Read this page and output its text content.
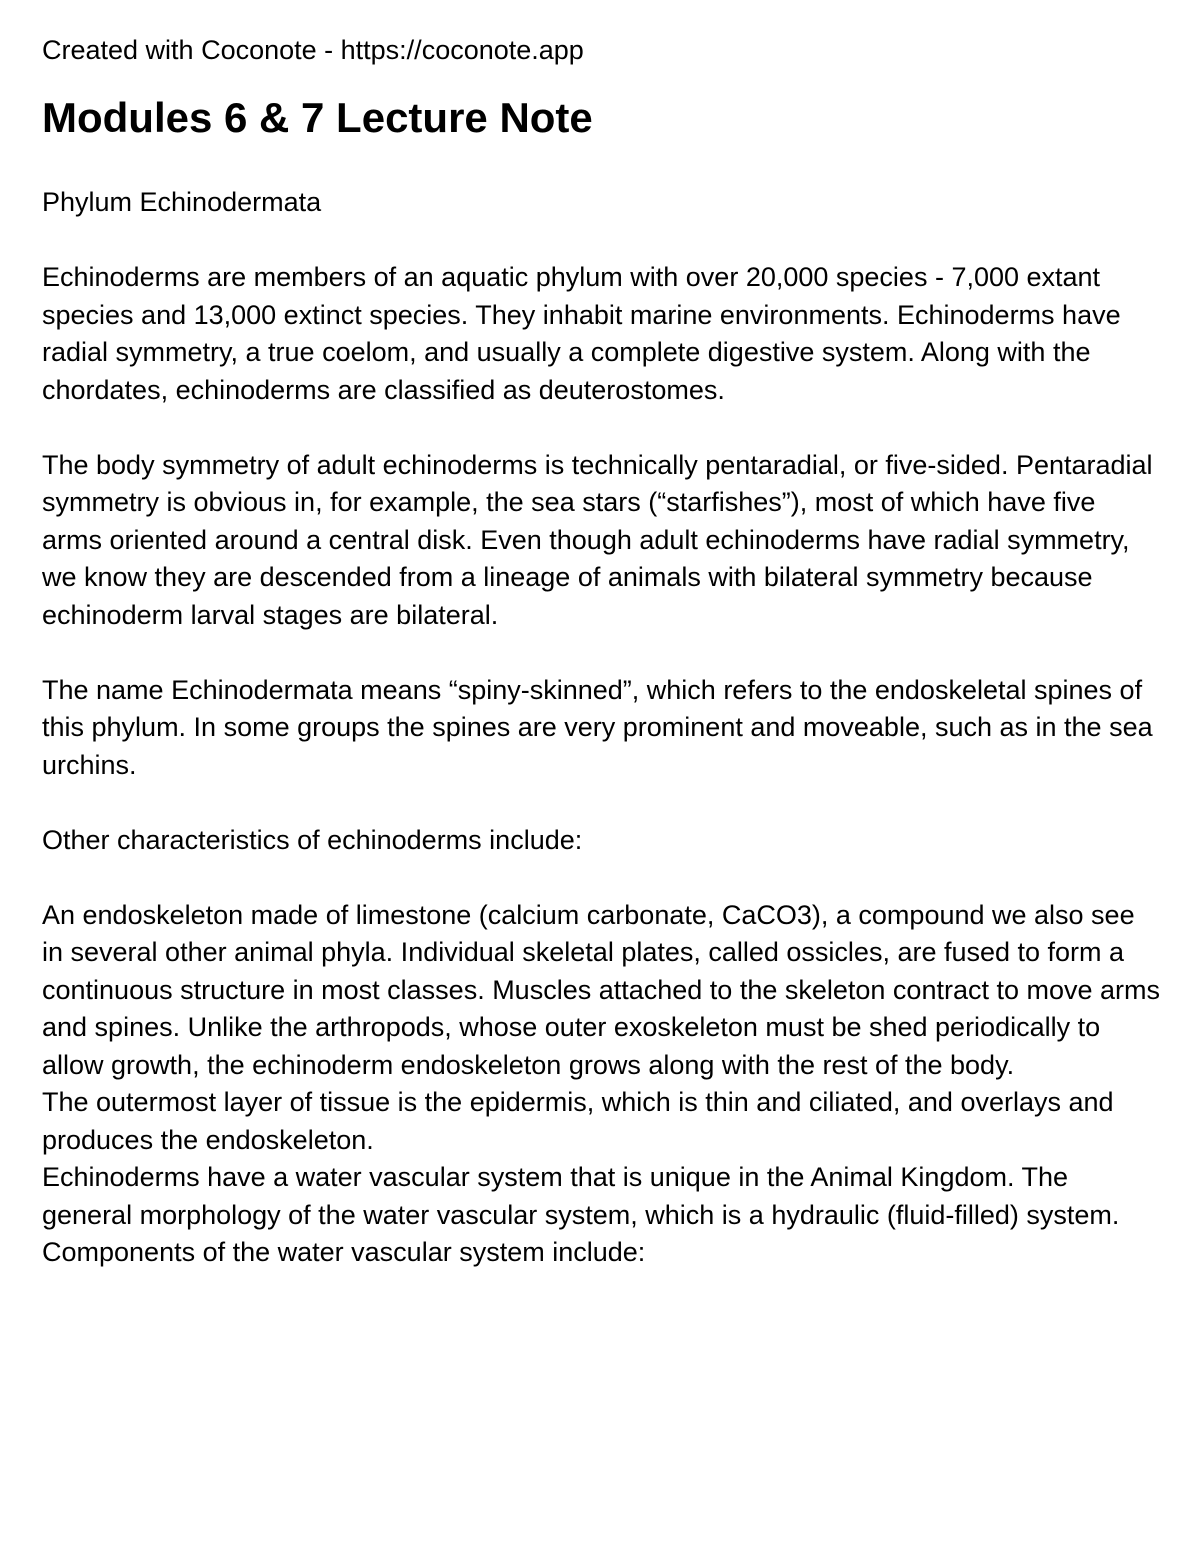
Created with Coconote - https://coconote.app

Modules 6 & 7 Lecture Note

Phylum Echinodermata

Echinoderms are members of an aquatic phylum with over 20,000 species - 7,000 extant species and 13,000 extinct species. They inhabit marine environments. Echinoderms have radial symmetry, a true coelom, and usually a complete digestive system. Along with the chordates, echinoderms are classified as deuterostomes.

The body symmetry of adult echinoderms is technically pentaradial, or five-sided. Pentaradial symmetry is obvious in, for example, the sea stars (“starfishes”), most of which have five arms oriented around a central disk. Even though adult echinoderms have radial symmetry, we know they are descended from a lineage of animals with bilateral symmetry because echinoderm larval stages are bilateral.

The name Echinodermata means “spiny-skinned”, which refers to the endoskeletal spines of this phylum. In some groups the spines are very prominent and moveable, such as in the sea urchins.

Other characteristics of echinoderms include:

An endoskeleton made of limestone (calcium carbonate, CaCO3), a compound we also see in several other animal phyla. Individual skeletal plates, called ossicles, are fused to form a continuous structure in most classes. Muscles attached to the skeleton contract to move arms and spines. Unlike the arthropods, whose outer exoskeleton must be shed periodically to allow growth, the echinoderm endoskeleton grows along with the rest of the body.

The outermost layer of tissue is the epidermis, which is thin and ciliated, and overlays and produces the endoskeleton.

Echinoderms have a water vascular system that is unique in the Animal Kingdom. The general morphology of the water vascular system, which is a hydraulic (fluid-filled) system. Components of the water vascular system include:
